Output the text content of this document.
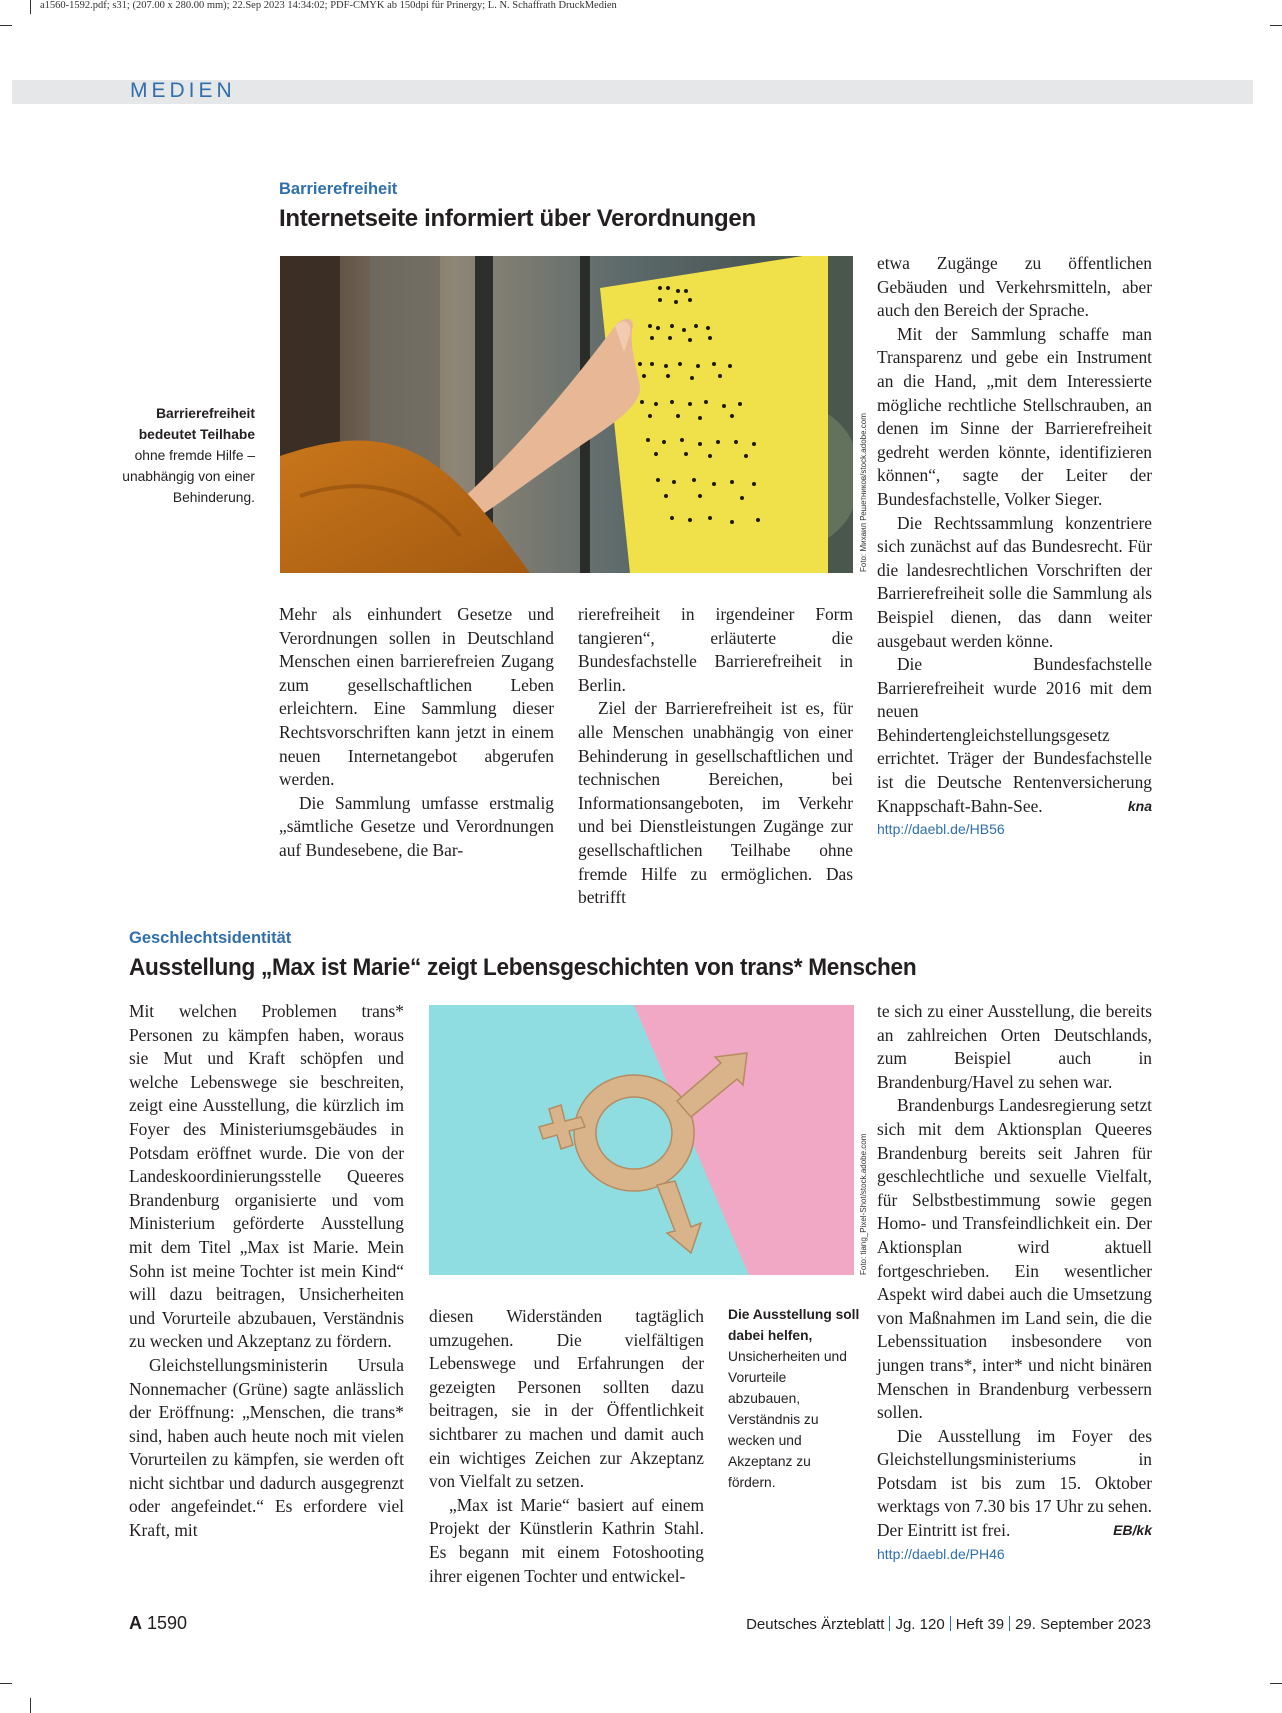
a1560-1592.pdf; s31; (207.00 x 280.00 mm); 22.Sep 2023 14:34:02; PDF-CMYK ab 150dpi für Prinergy; L. N. Schaffrath DruckMedien
MEDIEN
Barrierefreiheit
Internetseite informiert über Verordnungen
Barrierefreiheit bedeutet Teilhabe ohne fremde Hilfe – unabhängig von einer Behinderung.	Foto: Михаил Решетников/stock.adobe.com

Mehr als einhundert Gesetze und Verordnungen sollen in Deutschland Menschen einen barrierefreien Zugang zum gesellschaftlichen Leben erleichtern. Eine Sammlung dieser Rechtsvorschriften kann jetzt in einem neuen Internetangebot abgerufen werden.

Die Sammlung umfasse erstmalig „sämtliche Gesetze und Verordnungen auf Bundesebene, die Bar-

rierefreiheit in irgendeiner Form tangieren“, erläuterte die Bundesfachstelle Barrierefreiheit in Berlin.

Ziel der Barrierefreiheit ist es, für alle Menschen unabhängig von einer Behinderung in gesellschaftlichen und technischen Bereichen, bei Informationsangeboten, im Verkehr und bei Dienstleistungen Zugänge zur gesellschaftlichen Teilhabe ohne fremde Hilfe zu ermöglichen. Das betrifft

etwa Zugänge zu öffentlichen Gebäuden und Verkehrsmitteln, aber auch den Bereich der Sprache.

Mit der Sammlung schaffe man Transparenz und gebe ein Instrument an die Hand, „mit dem Interessierte mögliche rechtliche Stellschrauben, an denen im Sinne der Barrierefreiheit gedreht werden könnte, identifizieren können“, sagte der Leiter der Bundesfachstelle, Volker Sieger.

Die Rechtssammlung konzentriere sich zunächst auf das Bundesrecht. Für die landesrechtlichen Vorschriften der Barrierefreiheit solle die Sammlung als Beispiel dienen, das dann weiter ausgebaut werden könne.

Die Bundesfachstelle Barrierefreiheit wurde 2016 mit dem neuen Behindertengleichstellungsgesetz errichtet. Träger der Bundesfachstelle ist die Deutsche Rentenversicherung Knappschaft-Bahn-See.	kna

http://daebl.de/HB56
Geschlechtsidentität
Ausstellung „Max ist Marie“ zeigt Lebensgeschichten von trans* Menschen
Foto: tiang_Pixel-Shot/stock.adobe.com

Mit welchen Problemen trans* Personen zu kämpfen haben, woraus sie Mut und Kraft schöpfen und welche Lebenswege sie beschreiten, zeigt eine Ausstellung, die kürzlich im Foyer des Ministeriumsgebäudes in Potsdam eröffnet wurde. Die von der Landeskoordinierungsstelle Queeres Brandenburg organisierte und vom Ministerium geförderte Ausstellung mit dem Titel „Max ist Marie. Mein Sohn ist meine Tochter ist mein Kind“ will dazu beitragen, Unsicherheiten und Vorurteile abzubauen, Verständnis zu wecken und Akzeptanz zu fördern.

Gleichstellungsministerin Ursula Nonnemacher (Grüne) sagte anlässlich der Eröffnung: „Menschen, die trans* sind, haben auch heute noch mit vielen Vorurteilen zu kämpfen, sie werden oft nicht sichtbar und dadurch ausgegrenzt oder angefeindet.“ Es erfordere viel Kraft, mit

diesen Widerständen tagtäglich umzugehen. Die vielfältigen Lebenswege und Erfahrungen der gezeigten Personen sollten dazu beitragen, sie in der Öffentlichkeit sichtbarer zu machen und damit auch ein wichtiges Zeichen zur Akzeptanz von Vielfalt zu setzen.

„Max ist Marie“ basiert auf einem Projekt der Künstlerin Kathrin Stahl. Es begann mit einem Fotoshooting ihrer eigenen Tochter und entwickel-

Die Ausstellung soll dabei helfen, Unsicherheiten und Vorurteile abzubauen, Verständnis zu wecken und Akzeptanz zu fördern.

te sich zu einer Ausstellung, die bereits an zahlreichen Orten Deutschlands, zum Beispiel auch in Brandenburg/Havel zu sehen war.

Brandenburgs Landesregierung setzt sich mit dem Aktionsplan Queeres Brandenburg bereits seit Jahren für geschlechtliche und sexuelle Vielfalt, für Selbstbestimmung sowie gegen Homo- und Transfeindlichkeit ein. Der Aktionsplan wird aktuell fortgeschrieben. Ein wesentlicher Aspekt wird dabei auch die Umsetzung von Maßnahmen im Land sein, die die Lebenssituation insbesondere von jungen trans*, inter* und nicht binären Menschen in Brandenburg verbessern sollen.

Die Ausstellung im Foyer des Gleichstellungsministeriums in Potsdam ist bis zum 15. Oktober werktags von 7.30 bis 17 Uhr zu sehen. Der Eintritt ist frei.	EB/kk

http://daebl.de/PH46
A 1590	Deutsches Ärzteblatt Jg. 120 Heft 39 29. September 2023
